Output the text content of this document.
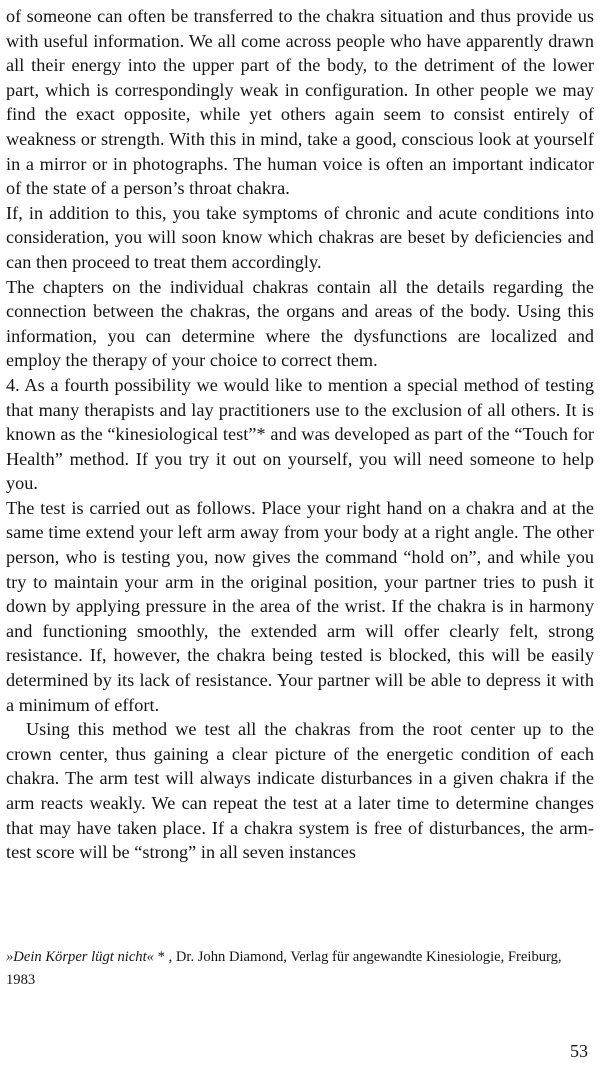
of someone can often be transferred to the chakra situation and thus provide us with useful information. We all come across people who have apparently drawn all their energy into the upper part of the body, to the detriment of the lower part, which is correspondingly weak in configuration. In other people we may find the exact opposite, while yet others again seem to consist entirely of weakness or strength. With this in mind, take a good, conscious look at yourself in a mirror or in photographs. The human voice is often an important indicator of the state of a person’s throat chakra.

If, in addition to this, you take symptoms of chronic and acute conditions into consideration, you will soon know which chakras are beset by deficiencies and can then proceed to treat them accordingly.

The chapters on the individual chakras contain all the details regarding the connection between the chakras, the organs and areas of the body. Using this information, you can determine where the dysfunctions are localized and employ the therapy of your choice to correct them.

4. As a fourth possibility we would like to mention a special method of testing that many therapists and lay practitioners use to the exclusion of all others. It is known as the “kinesiological test”* and was developed as part of the “Touch for Health” method. If you try it out on yourself, you will need someone to help you.

The test is carried out as follows. Place your right hand on a chakra and at the same time extend your left arm away from your body at a right angle. The other person, who is testing you, now gives the command “hold on”, and while you try to maintain your arm in the original position, your partner tries to push it down by applying pressure in the area of the wrist. If the chakra is in harmony and functioning smoothly, the extended arm will offer clearly felt, strong resistance. If, however, the chakra being tested is blocked, this will be easily determined by its lack of resistance. Your partner will be able to depress it with a minimum of effort.

Using this method we test all the chakras from the root center up to the crown center, thus gaining a clear picture of the energetic condition of each chakra. The arm test will always indicate disturbances in a given chakra if the arm reacts weakly. We can repeat the test at a later time to determine changes that may have taken place. If a chakra system is free of disturbances, the arm-test score will be “strong” in all seven instances

»Dein Körper lügt nicht« * , Dr. John Diamond, Verlag für angewandte Kinesiologie, Freiburg, 1983

53
